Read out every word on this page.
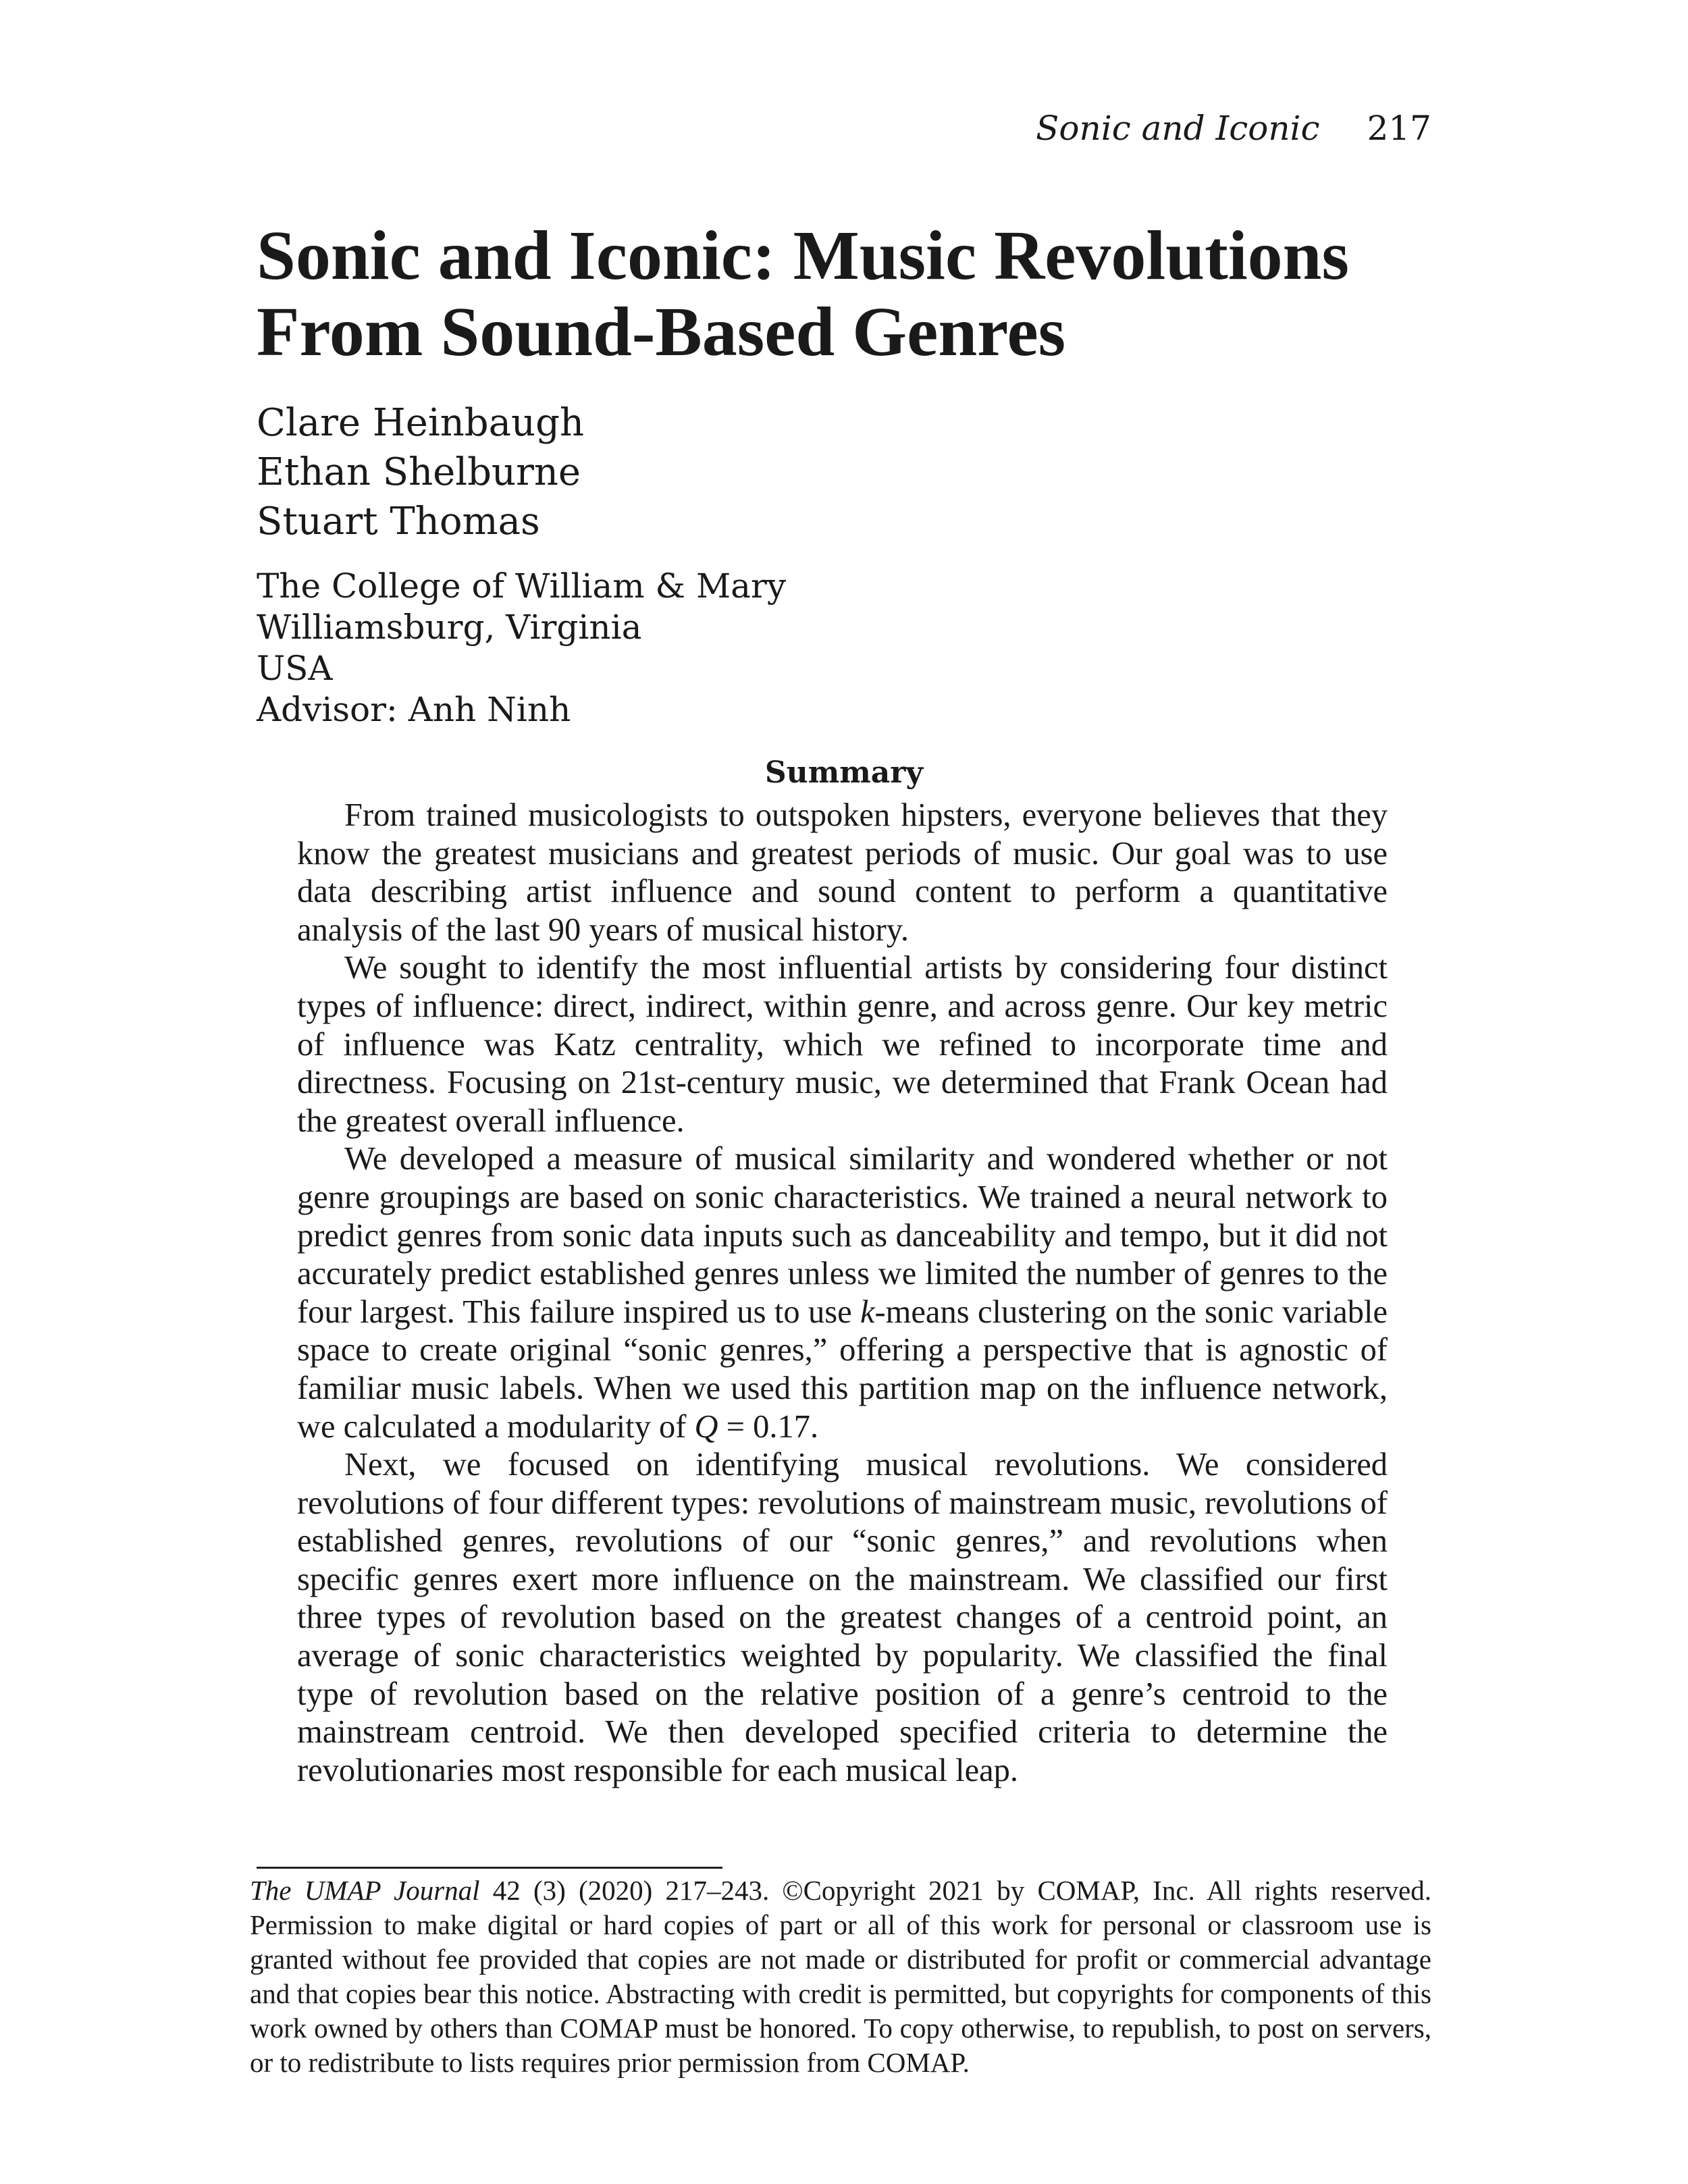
Sonic and Iconic 217
Sonic and Iconic: Music Revolutions From Sound-Based Genres
Clare Heinbaugh
Ethan Shelburne
Stuart Thomas
The College of William & Mary
Williamsburg, Virginia
USA
Advisor: Anh Ninh
Summary

From trained musicologists to outspoken hipsters, everyone believes that they know the greatest musicians and greatest periods of music. Our goal was to use data describing artist influence and sound content to perform a quantitative analysis of the last 90 years of musical history.

We sought to identify the most influential artists by considering four distinct types of influence: direct, indirect, within genre, and across genre. Our key metric of influence was Katz centrality, which we refined to incorporate time and directness. Focusing on 21st-century music, we determined that Frank Ocean had the greatest overall influence.

We developed a measure of musical similarity and wondered whether or not genre groupings are based on sonic characteristics. We trained a neural network to predict genres from sonic data inputs such as danceability and tempo, but it did not accurately predict established genres unless we limited the number of genres to the four largest. This failure inspired us to use k-means clustering on the sonic variable space to create original “sonic genres,” offering a perspective that is agnostic of familiar music labels. When we used this partition map on the influence network, we calculated a modularity of Q = 0.17.

Next, we focused on identifying musical revolutions. We considered revolutions of four different types: revolutions of mainstream music, revolutions of established genres, revolutions of our “sonic genres,” and revolutions when specific genres exert more influence on the mainstream. We classified our first three types of revolution based on the greatest changes of a centroid point, an average of sonic characteristics weighted by popularity. We classified the final type of revolution based on the relative position of a genre’s centroid to the mainstream centroid. We then developed specified criteria to determine the revolutionaries most responsible for each musical leap.

The UMAP Journal 42 (3) (2020) 217–243. ©Copyright 2021 by COMAP, Inc. All rights reserved. Permission to make digital or hard copies of part or all of this work for personal or classroom use is granted without fee provided that copies are not made or distributed for profit or commercial advantage and that copies bear this notice. Abstracting with credit is permitted, but copyrights for components of this work owned by others than COMAP must be honored. To copy otherwise, to republish, to post on servers, or to redistribute to lists requires prior permission from COMAP.
